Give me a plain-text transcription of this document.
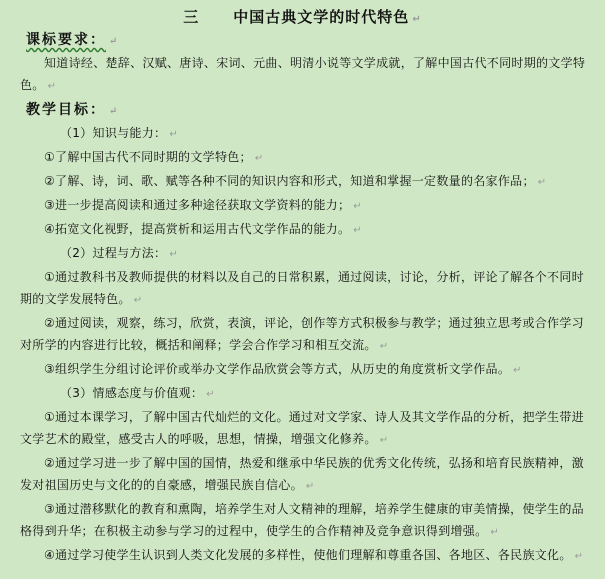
三 中国古典文学的时代特色 ↵
课标要求： ↵
知道诗经、楚辞、汉赋、唐诗、宋词、元曲、明清小说等文学成就，了解中国古代不同时期的文学特色。 ↵
教学目标： ↵
（1）知识与能力： ↵
①了解中国古代不同时期的文学特色； ↵
②了解、诗，词、歌、赋等各种不同的知识内容和形式，知道和掌握一定数量的名家作品； ↵
③进一步提高阅读和通过多种途径获取文学资料的能力； ↵
④拓宽文化视野，提高赏析和运用古代文学作品的能力。 ↵
（2）过程与方法： ↵
①通过教科书及教师提供的材料以及自己的日常积累，通过阅读，讨论，分析，评论了解各个不同时期的文学发展特色。 ↵
②通过阅读，观察，练习，欣赏，表演，评论，创作等方式积极参与教学；通过独立思考或合作学习对所学的内容进行比较，概括和阐释；学会合作学习和相互交流。 ↵
③组织学生分组讨论评价或举办文学作品欣赏会等方式，从历史的角度赏析文学作品。 ↵
（3）情感态度与价值观： ↵
①通过本课学习，了解中国古代灿烂的文化。通过对文学家、诗人及其文学作品的分析，把学生带进文学艺术的殿堂，感受古人的呼吸，思想，情操，增强文化修养。 ↵
②通过学习进一步了解中国的国情，热爱和继承中华民族的优秀文化传统，弘扬和培育民族精神，激发对祖国历史与文化的的自豪感，增强民族自信心。 ↵
③通过潜移默化的教育和熏陶，培养学生对人文精神的理解，培养学生健康的审美情操，使学生的品格得到升华；在积极主动参与学习的过程中，使学生的合作精神及竞争意识得到增强。 ↵
④通过学习使学生认识到人类文化发展的多样性，使他们理解和尊重各国、各地区、各民族文化。 ↵
